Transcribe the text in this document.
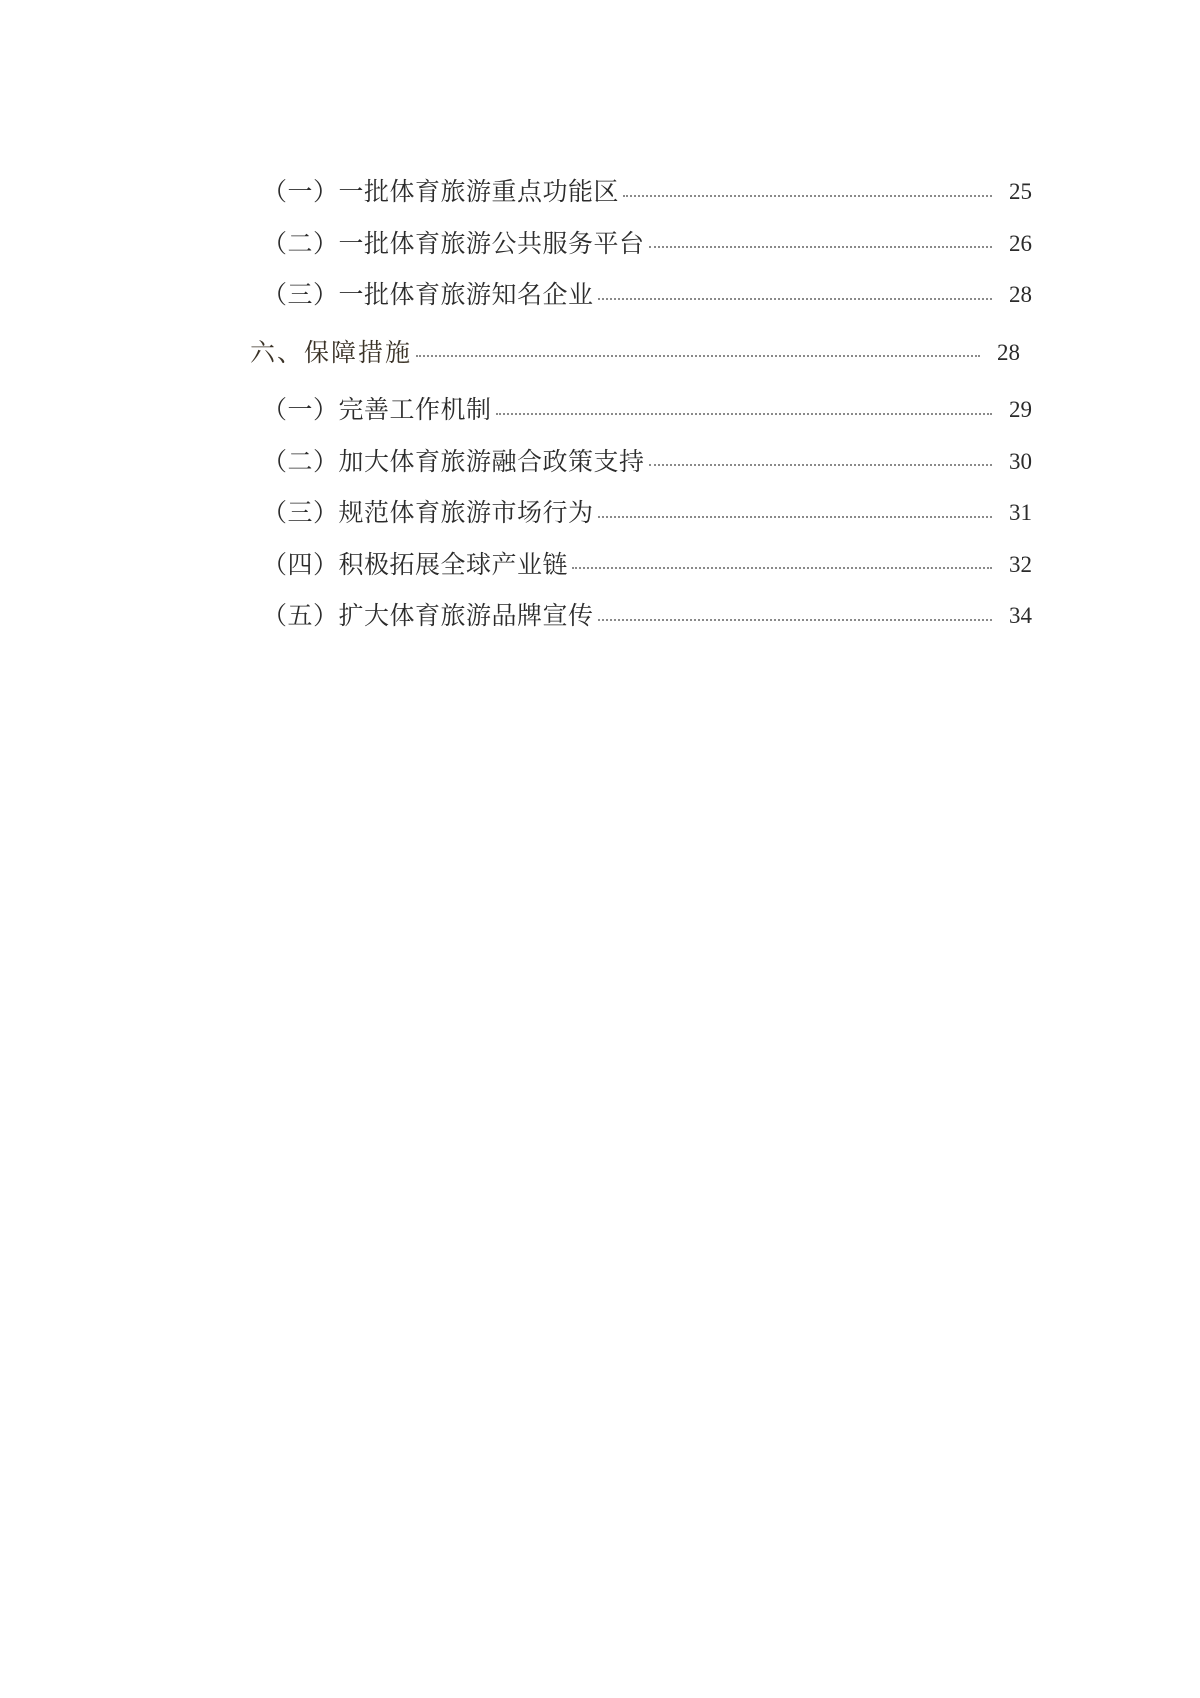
（一）一批体育旅游重点功能区	25
（二）一批体育旅游公共服务平台	26
（三）一批体育旅游知名企业	28
六、保障措施	28
（一）完善工作机制	29
（二）加大体育旅游融合政策支持	30
（三）规范体育旅游市场行为	31
（四）积极拓展全球产业链	32
（五）扩大体育旅游品牌宣传	34
